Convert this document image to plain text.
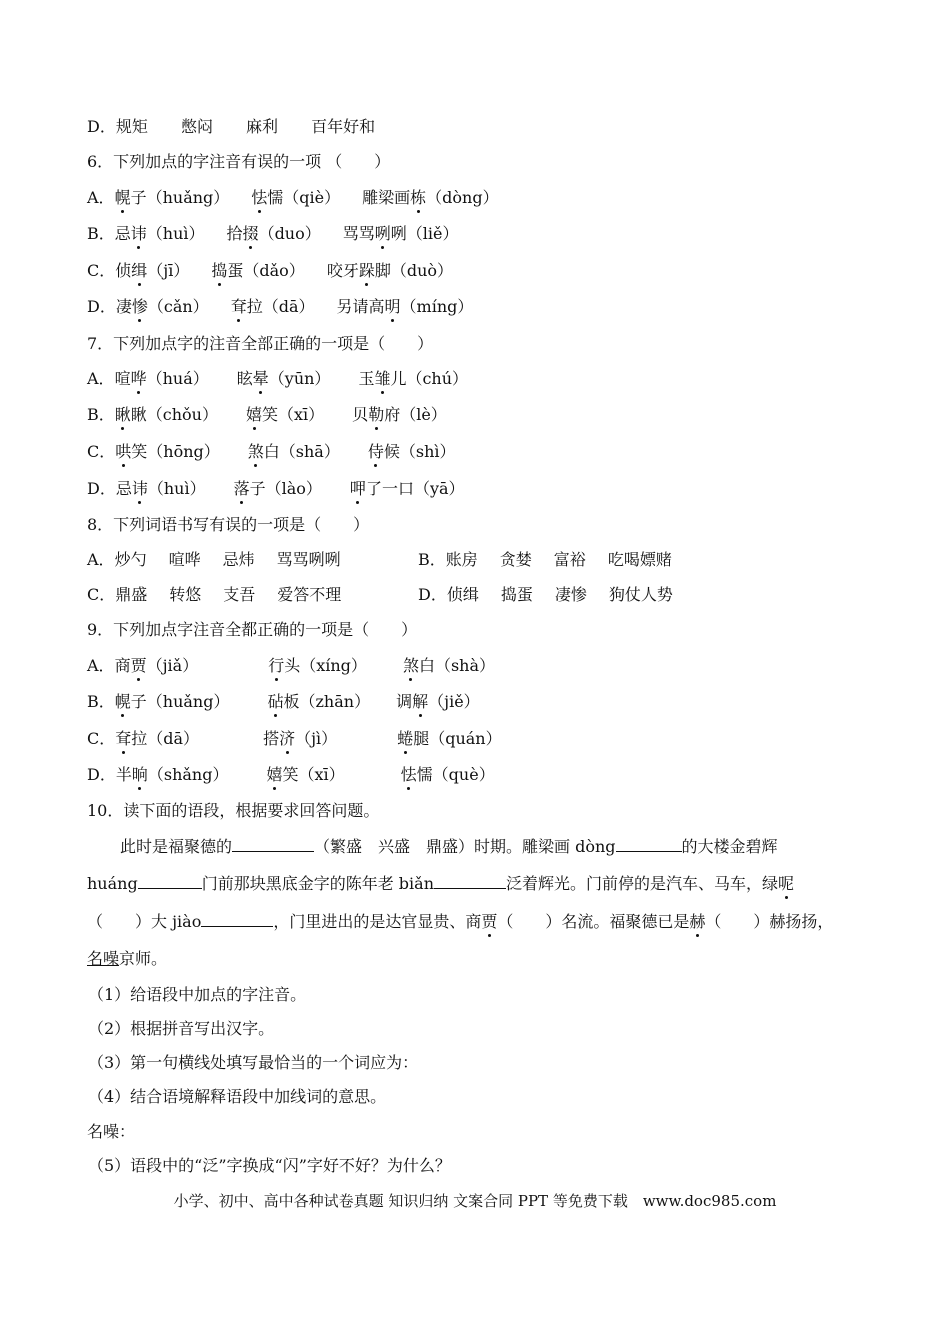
D．规矩 憋闷 麻利 百年好和
6．下列加点的字注音有误的一项 （　　）
A．幌子（huǎng） 怯懦（qiè） 雕梁画栋（dòng）
B．忌讳（huì） 拾掇（duo） 骂骂咧咧（liě）
C．侦缉（jī） 捣蛋（dǎo） 咬牙跺脚（duò）
D．凄惨（cǎn） 耷拉（dā） 另请高明（míng）
7．下列加点字的注音全部正确的一项是（　　）
A．喧哗（huá） 眩晕（yūn） 玉雏儿（chú）
B．瞅瞅（chǒu） 嬉笑（xī） 贝勒府（lè）
C．哄笑（hōng） 煞白（shā） 侍候（shì）
D．忌讳（huì） 落子（lào） 呷了一口（yā）
8．下列词语书写有误的一项是（　　）
A．炒勺 喧哗 忌炜 骂骂咧咧	B．账房 贪婪 富裕 吃喝嫖赌
C．鼎盛 转悠 支吾 爱答不理	D．侦缉 捣蛋 凄惨 狗仗人势
9．下列加点字注音全都正确的一项是（　　）
A．商贾（jiǎ）	行头（xíng） 煞白（shà）
B．幌子（huǎng） 砧板（zhān） 调解（jiě）
C．耷拉（dā）	搭济（jì）	蜷腿（quán）
D．半晌（shǎng） 嬉笑（xī）	怯懦（què）
10．读下面的语段，根据要求回答问题。
此时是福聚德的	（繁盛　兴盛　鼎盛）时期。雕梁画 dòng	的大楼金碧辉
huáng	门前那块黑底金字的陈年老 biǎn	泛着辉光。门前停的是汽车、马车，绿呢
（　　）大 jiào	，门里进出的是达官显贵、商贾（　　）名流。福聚德已是赫（　　）赫扬扬，
名噪京师。
（1）给语段中加点的字注音。
（2）根据拼音写出汉字。
（3）第一句横线处填写最恰当的一个词应为：
（4）结合语境解释语段中加线词的意思。
名噪：
（5）语段中的“泛”字换成“闪”字好不好？为什么？
小学、初中、高中各种试卷真题 知识归纳 文案合同 PPT 等免费下载　www.doc985.com
